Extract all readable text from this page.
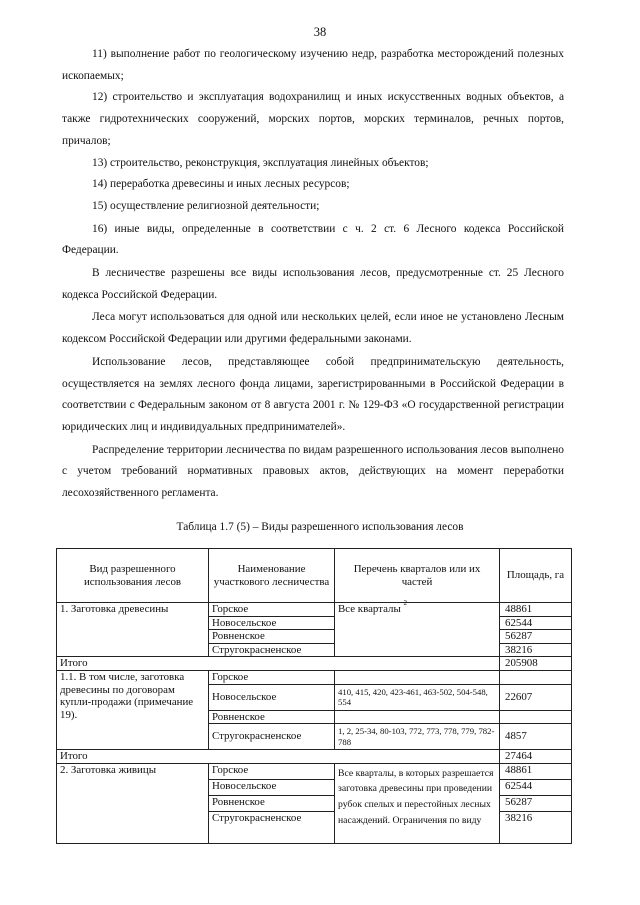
38

11) выполнение работ по геологическому изучению недр, разработка месторождений полезных ископаемых;

12) строительство и эксплуатация водохранилищ и иных искусственных водных объектов, а также гидротехнических сооружений, морских портов, морских терминалов, речных портов, причалов;

13) строительство, реконструкция, эксплуатация линейных объектов;

14) переработка древесины и иных лесных ресурсов;

15) осуществление религиозной деятельности;

16) иные виды, определенные в соответствии с ч. 2 ст. 6 Лесного кодекса Российской Федерации.

В лесничестве разрешены все виды использования лесов, предусмотренные ст. 25 Лесного кодекса Российской Федерации.

Леса могут использоваться для одной или нескольких целей, если иное не установлено Лесным кодексом Российской Федерации или другими федеральными законами.

Использование лесов, представляющее собой предпринимательскую деятельность, осуществляется на землях лесного фонда лицами, зарегистрированными в Российской Федерации в соответствии с Федеральным законом от 8 августа 2001 г. № 129-ФЗ «О государственной регистрации юридических лиц и индивидуальных предпринимателей».

Распределение территории лесничества по видам разрешенного использования лесов выполнено с учетом требований нормативных правовых актов, действующих на момент переработки лесохозяйственного регламента.

Таблица 1.7 (5) – Виды разрешенного использования лесов
Вид разрешенного использования лесов	Наименование участкового лесничества	Перечень кварталов или их частей	Площадь, га
1. Заготовка древесины	Горское	Все кварталы $^2$	48861
	Новосельское		62544
	Ровненское		56287
	Стругокрасненское		38216
Итого			205908
1.1. В том числе, заготовка древесины по договорам купли-продажи (примечание 19).	Горское		
	Новосельское	410, 415, 420, 423-461, 463-502, 504-548, 554	22607
	Ровненское		
	Стругокрасненское	1, 2, 25-34, 80-103, 772, 773, 778, 779, 782-788	4857
Итого			27464
2. Заготовка живицы	Горское	Все кварталы, в которых разрешается заготовка древесины при проведении рубок спелых и перестойных лесных насаждений. Ограничения по виду	48861
	Новосельское		62544
	Ровненское		56287
	Стругокрасненское		38216
